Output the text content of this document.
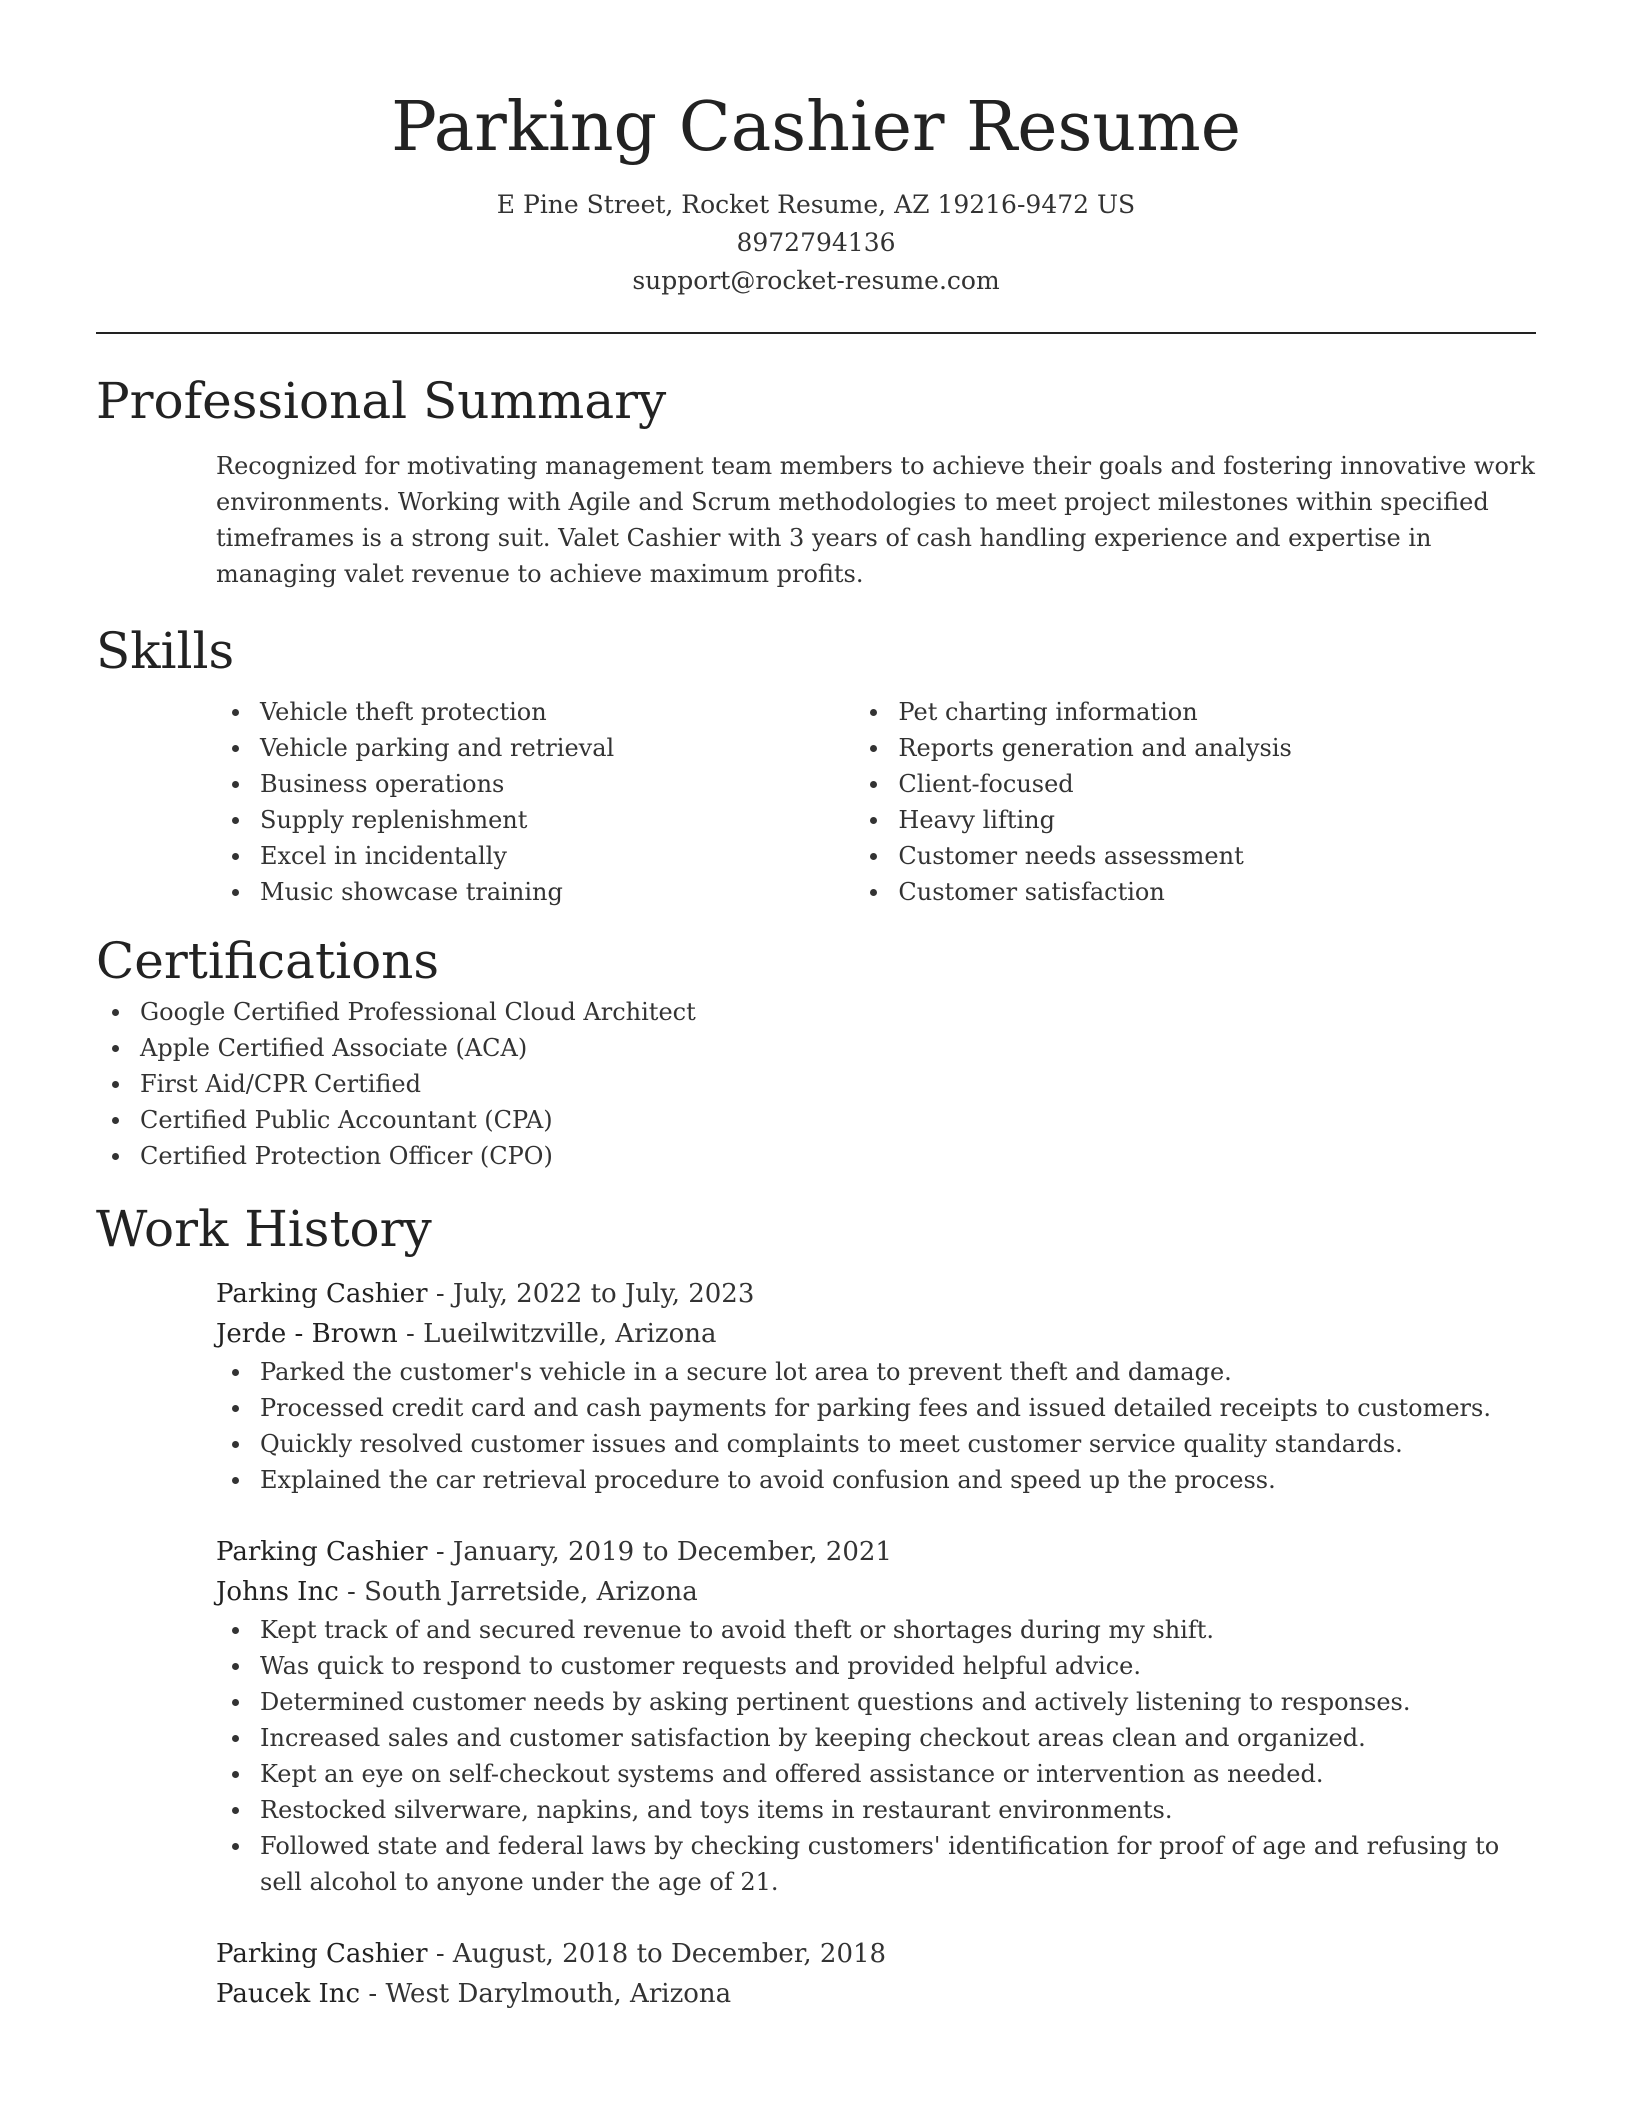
Parking Cashier Resume
E Pine Street, Rocket Resume, AZ 19216-9472 US
8972794136
support@rocket-resume.com
Professional Summary

Recognized for motivating management team members to achieve their goals and fostering innovative work environments. Working with Agile and Scrum methodologies to meet project milestones within specified timeframes is a strong suit. Valet Cashier with 3 years of cash handling experience and expertise in managing valet revenue to achieve maximum profits.

Skills
Vehicle theft protection
Vehicle parking and retrieval
Business operations
Supply replenishment
Excel in incidentally
Music showcase training
Pet charting information
Reports generation and analysis
Client-focused
Heavy lifting
Customer needs assessment
Customer satisfaction
Certifications
Google Certified Professional Cloud Architect
Apple Certified Associate (ACA)
First Aid/CPR Certified
Certified Public Accountant (CPA)
Certified Protection Officer (CPO)
Work History
Parking Cashier - July, 2022 to July, 2023
Jerde - Brown - Lueilwitzville, Arizona
Parked the customer's vehicle in a secure lot area to prevent theft and damage.
Processed credit card and cash payments for parking fees and issued detailed receipts to customers.
Quickly resolved customer issues and complaints to meet customer service quality standards.
Explained the car retrieval procedure to avoid confusion and speed up the process.
Parking Cashier - January, 2019 to December, 2021
Johns Inc - South Jarretside, Arizona
Kept track of and secured revenue to avoid theft or shortages during my shift.
Was quick to respond to customer requests and provided helpful advice.
Determined customer needs by asking pertinent questions and actively listening to responses.
Increased sales and customer satisfaction by keeping checkout areas clean and organized.
Kept an eye on self-checkout systems and offered assistance or intervention as needed.
Restocked silverware, napkins, and toys items in restaurant environments.
Followed state and federal laws by checking customers' identification for proof of age and refusing to sell alcohol to anyone under the age of 21.
Parking Cashier - August, 2018 to December, 2018
Paucek Inc - West Darylmouth, Arizona
